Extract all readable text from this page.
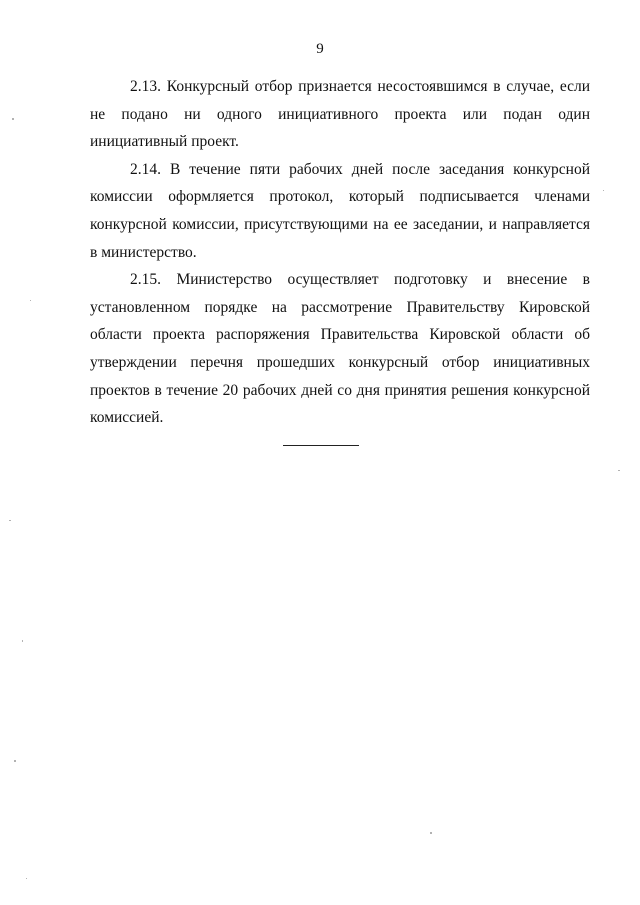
9

2.13. Конкурсный отбор признается несостоявшимся в случае, если не подано ни одного инициативного проекта или подан один инициативный проект.

2.14. В течение пяти рабочих дней после заседания конкурсной комиссии оформляется протокол, который подписывается членами конкурсной комиссии, присутствующими на ее заседании, и направляется в министерство.

2.15. Министерство осуществляет подготовку и внесение в установленном порядке на рассмотрение Правительству Кировской области проекта распоряжения Правительства Кировской области об утверждении перечня прошедших конкурсный отбор инициативных проектов в течение 20 рабочих дней со дня принятия решения конкурсной комиссией.
